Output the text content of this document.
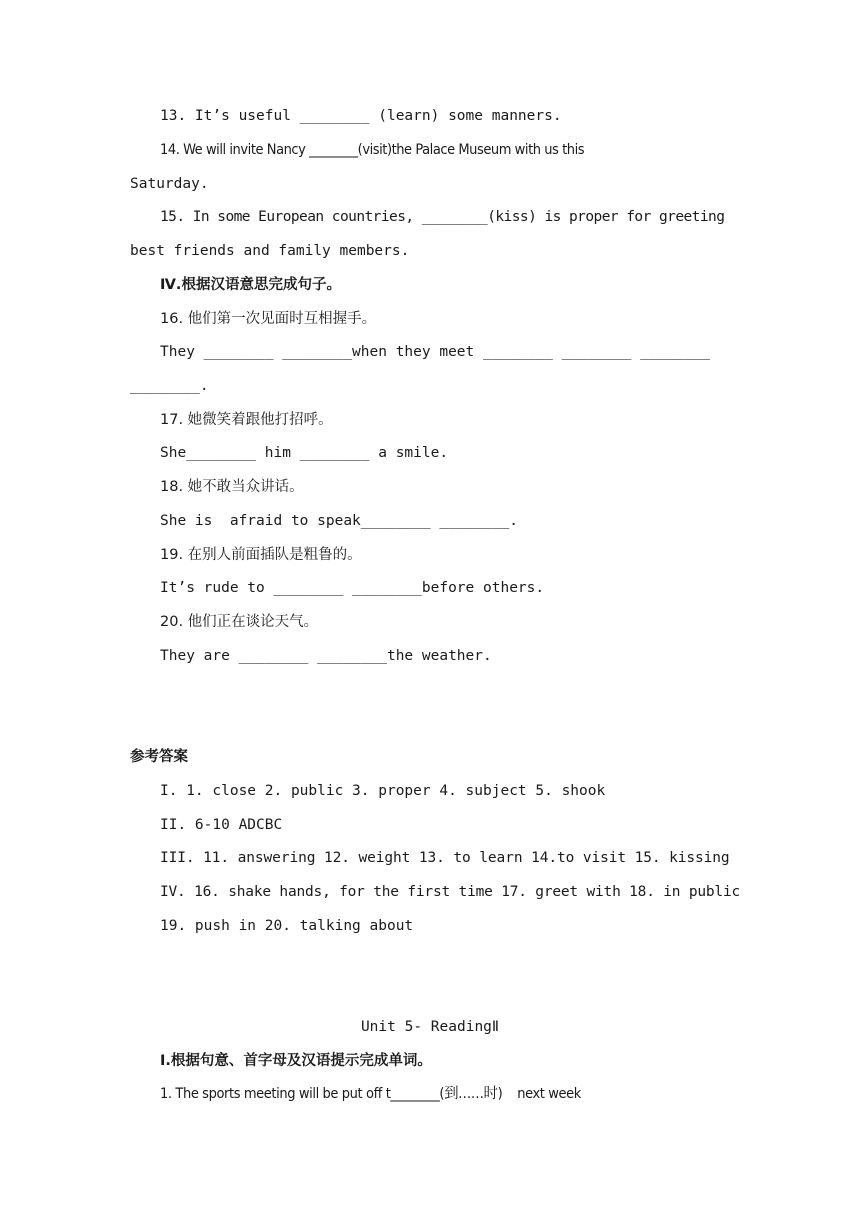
13. It’s useful ________ (learn) some manners.
14. We will invite Nancy ________(visit)the Palace Museum with us this
Saturday.
15. In some European countries, ________(kiss) is proper for greeting
best friends and family members.
Ⅳ.根据汉语意思完成句子。
16. 他们第一次见面时互相握手。
They ________ ________when they meet ________ ________ ________
________.
17. 她微笑着跟他打招呼。
She________ him ________ a smile.
18. 她不敢当众讲话。
She is  afraid to speak________ ________.
19. 在别人前面插队是粗鲁的。
It’s rude to ________ ________before others.
20. 他们正在谈论天气。
They are ________ ________the weather.
参考答案
I. 1. close 2. public 3. proper 4. subject 5. shook
II. 6-10 ADCBC
III. 11. answering 12. weight 13. to learn 14.to visit 15. kissing
IV. 16. shake hands, for the first time 17. greet with 18. in public
19. push in 20. talking about
Unit 5- ReadingⅡ
Ⅰ.根据句意、首字母及汉语提示完成单词。
1. The sports meeting will be put off t________(到……时)    next week
